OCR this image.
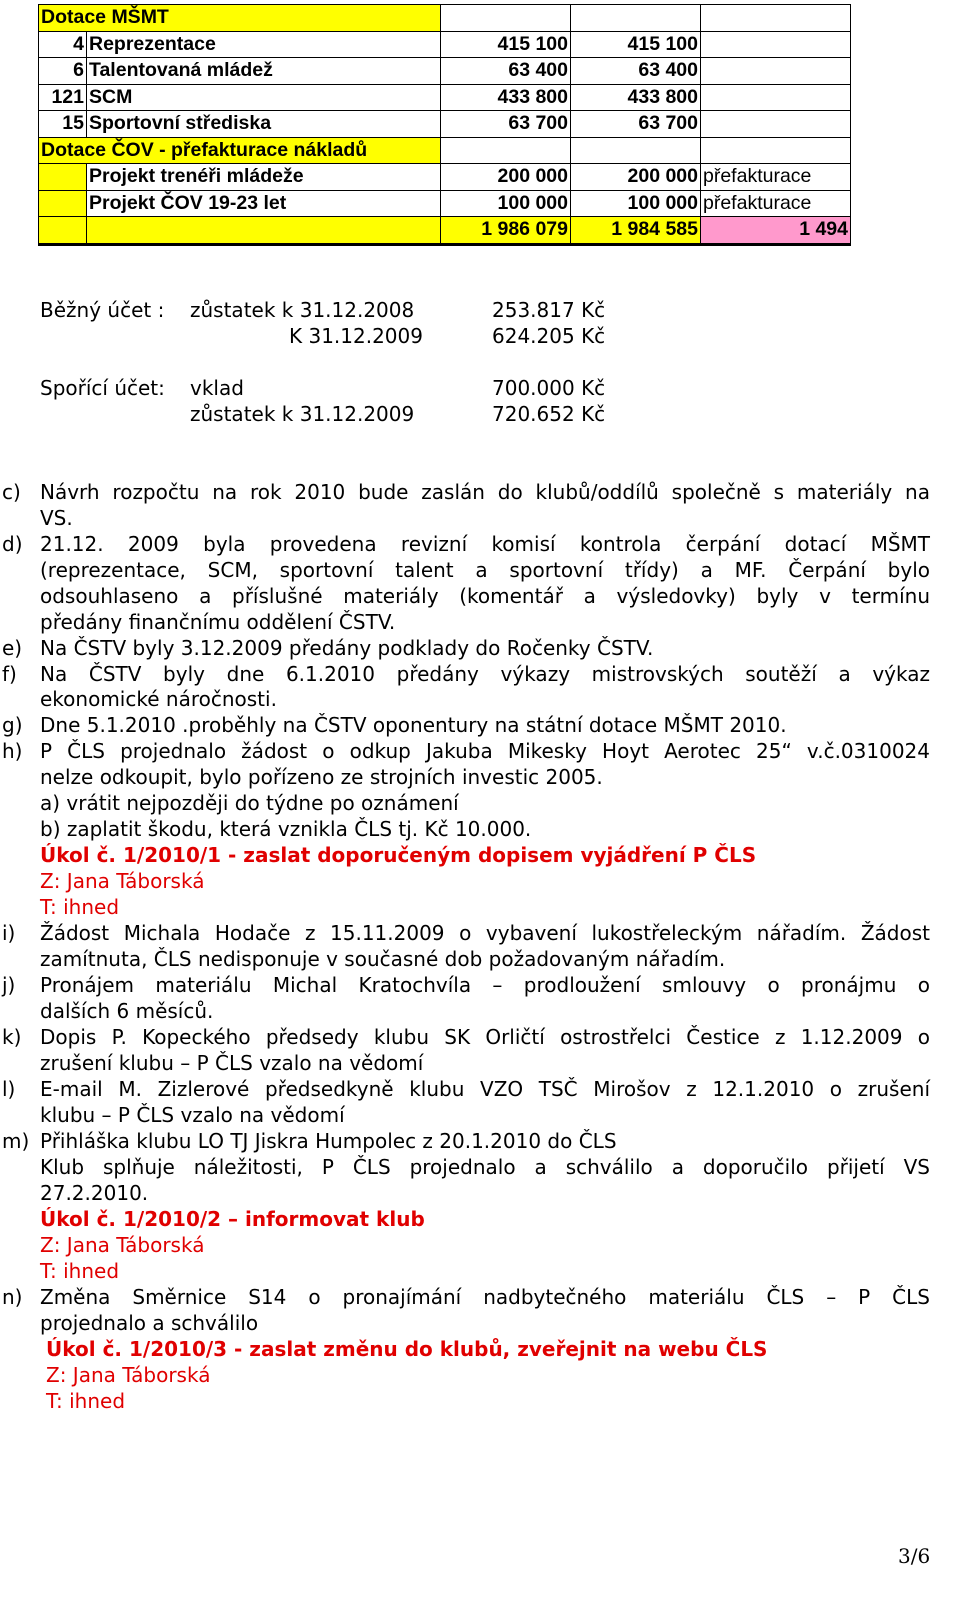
Dotace MŠMT				
4	Reprezentace	415 100	415 100	
6	Talentovaná mládež	63 400	63 400	
121	SCM	433 800	433 800	
15	Sportovní střediska	63 700	63 700	
Dotace ČOV - přefakturace nákladů				
	Projekt trenéři mládeže	200 000	200 000	přefakturace
	Projekt ČOV 19-23 let	100 000	100 000	přefakturace
		1 986 079	1 984 585	1 494
Běžný účet : zůstatek k 31.12.2008	253.817 Kč
K 31.12.2009	624.205 Kč
Spořící účet: vklad	700.000 Kč
zůstatek k 31.12.2009	720.652 Kč
c) Návrh rozpočtu na rok 2010 bude zaslán do klubů/oddílů společně s materiály na
VS.
d) 21.12. 2009 byla provedena revizní komisí kontrola čerpání dotací MŠMT
(reprezentace, SCM, sportovní talent a sportovní třídy) a MF. Čerpání bylo
odsouhlaseno a příslušné materiály (komentář a výsledovky) byly v termínu
předány finančnímu oddělení ČSTV.
e) Na ČSTV byly 3.12.2009 předány podklady do Ročenky ČSTV.
f) Na ČSTV byly dne 6.1.2010 předány výkazy mistrovských soutěží a výkaz
ekonomické náročnosti.
g) Dne 5.1.2010 .proběhly na ČSTV oponentury na státní dotace MŠMT 2010.
h) P ČLS projednalo žádost o odkup Jakuba Mikesky Hoyt Aerotec 25“ v.č.0310024
nelze odkoupit, bylo pořízeno ze strojních investic 2005.
a) vrátit nejpozději do týdne po oznámení
b) zaplatit škodu, která vznikla ČLS tj. Kč 10.000.
Úkol č. 1/2010/1 - zaslat doporučeným dopisem vyjádření P ČLS
Z: Jana Táborská
T: ihned
i) Žádost Michala Hodače z 15.11.2009 o vybavení lukostřeleckým nářadím. Žádost
zamítnuta, ČLS nedisponuje v současné dob požadovaným nářadím.
j) Pronájem materiálu Michal Kratochvíla – prodloužení smlouvy o pronájmu o
dalších 6 měsíců.
k) Dopis P. Kopeckého předsedy klubu SK Orličtí ostrostřelci Čestice z 1.12.2009 o
zrušení klubu – P ČLS vzalo na vědomí
l) E-mail M. Zizlerové předsedkyně klubu VZO TSČ Mirošov z 12.1.2010 o zrušení
klubu – P ČLS vzalo na vědomí
m) Přihláška klubu LO TJ Jiskra Humpolec z 20.1.2010 do ČLS
Klub splňuje náležitosti, P ČLS projednalo a schválilo a doporučilo přijetí VS
27.2.2010.
Úkol č. 1/2010/2 – informovat klub
Z: Jana Táborská
T: ihned
n) Změna Směrnice S14 o pronajímání nadbytečného materiálu ČLS – P ČLS
projednalo a schválilo
Úkol č. 1/2010/3 - zaslat změnu do klubů, zveřejnit na webu ČLS
Z: Jana Táborská
T: ihned
3/6
